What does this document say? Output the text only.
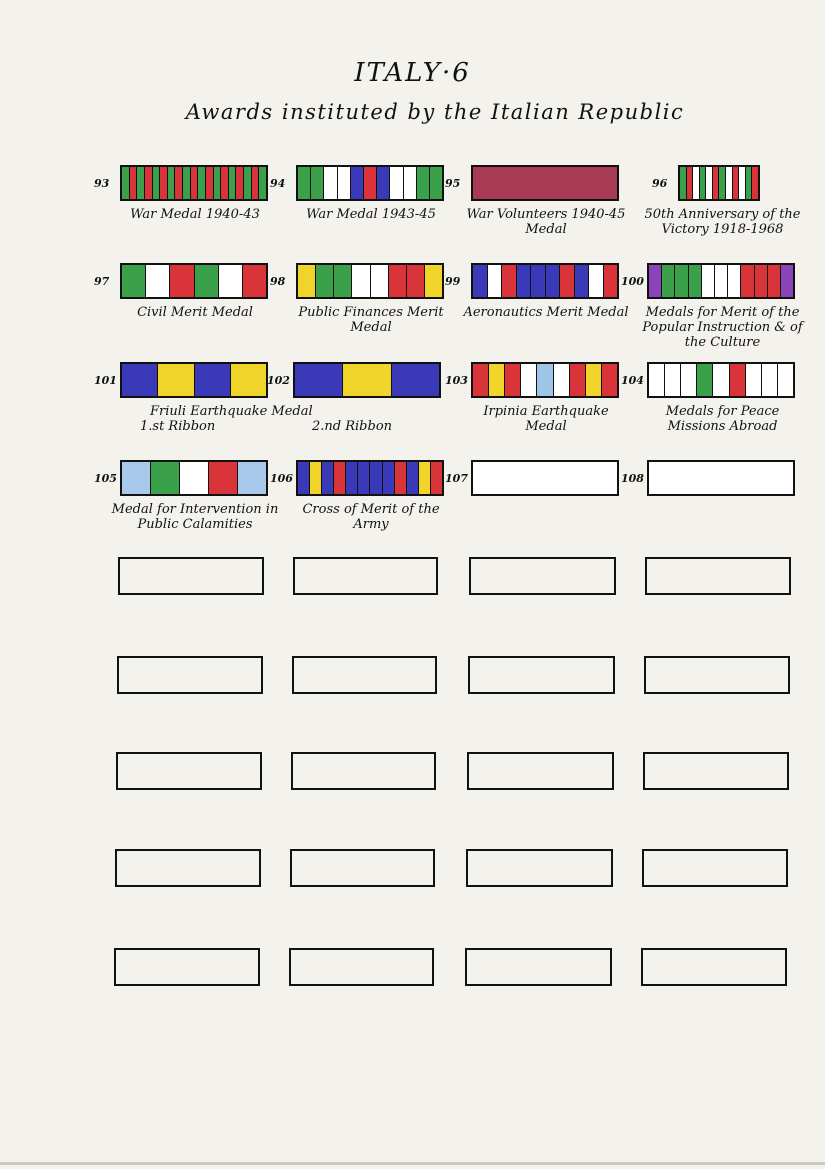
ITALY·6
Awards instituted by the Italian Republic
93
War Medal 1940-43
94
War Medal 1943-45
95
War Volunteers 1940-45 Medal
96
50th Anniversary of the Victory 1918-1968
97
Civil Merit Medal
98
Public Finances Merit Medal
99
Aeronautics Merit Medal
100
Medals for Merit of the Popular Instruction & of the Culture
101	102	103
Irpinia Earthquake Medal
104
Medals for Peace Missions Abroad
105
Medal for Intervention in Public Calamities
106
Cross of Merit of the Army
107	108
Friuli Earthquake Medal
1.st Ribbon	2.nd Ribbon
